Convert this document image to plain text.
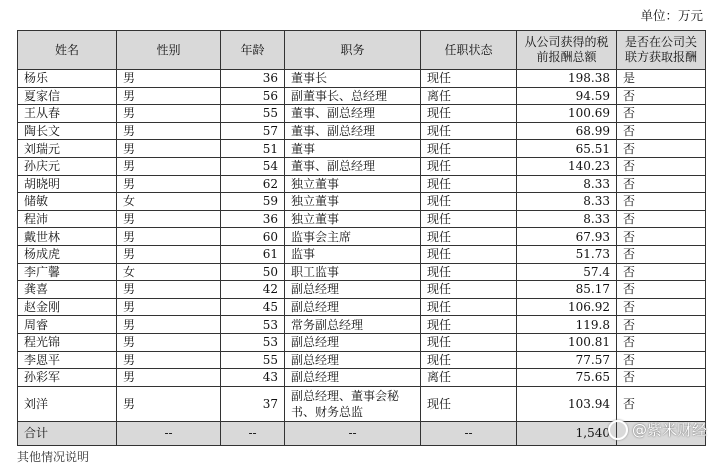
单位：万元
姓名	性别	年龄	职务	任职状态	从公司获得的税前报酬总额	是否在公司关联方获取报酬
杨乐	男	36	董事长	现任	198.38	是
夏家信	男	56	副董事长、总经理	离任	94.59	否
王从春	男	55	董事、副总经理	现任	100.69	否
陶长文	男	57	董事、副总经理	现任	68.99	否
刘瑞元	男	51	董事	现任	65.51	否
孙庆元	男	54	董事、副总经理	现任	140.23	否
胡晓明	男	62	独立董事	现任	8.33	否
储敏	女	59	独立董事	现任	8.33	否
程沛	男	36	独立董事	现任	8.33	否
戴世林	男	60	监事会主席	现任	67.93	否
杨成虎	男	61	监事	现任	51.73	否
李广馨	女	50	职工监事	现任	57.4	否
龚喜	男	42	副总经理	现任	85.17	否
赵金刚	男	45	副总经理	现任	106.92	否
周睿	男	53	常务副总经理	现任	119.8	否
程光锦	男	53	副总经理	现任	100.81	否
李恩平	男	55	副总经理	现任	77.57	否
孙彩军	男	43	副总经理	离任	75.65	否
刘洋	男	37	副总经理、董事会秘书、财务总监	现任	103.94	否
合计	--	--	--	--	1,540	@紫米财经
其他情况说明
